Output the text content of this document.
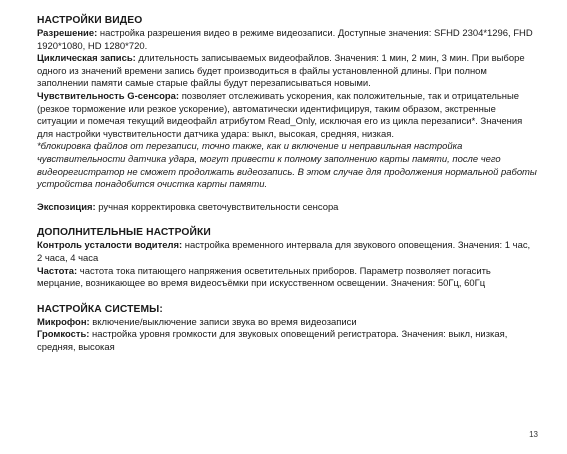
НАСТРОЙКИ ВИДЕО

Разрешение: настройка разрешения видео в режиме видеозаписи. Доступные значения: SFHD 2304*1296, FHD 1920*1080, HD 1280*720.

Циклическая запись: длительность записываемых видеофайлов. Значения: 1 мин, 2 мин, 3 мин. При выборе одного из значений времени запись будет производиться в файлы установленной длины. При полном заполнении памяти самые старые файлы будут перезаписываться новыми.

Чувствительность G-сенсора: позволяет отслеживать ускорения, как положительные, так и отрицательные (резкое торможение или резкое ускорение), автоматически идентифицируя, таким образом, экстренные ситуации и помечая текущий видеофайл атрибутом Read_Only, исключая его из цикла перезаписи*. Значения для настройки чувствительности датчика удара: выкл, высокая, средняя, низкая.

*блокировка файлов от перезаписи, точно также, как и включение и неправильная настройка чувствительности датчика удара, могут привести к полному заполнению карты памяти, после чего видеорегистратор не сможет продолжать видеозапись. В этом случае для продолжения нормальной работы устройства понадобится очистка карты памяти.

Экспозиция: ручная корректировка светочувствительности сенсора

ДОПОЛНИТЕЛЬНЫЕ НАСТРОЙКИ

Контроль усталости водителя: настройка временного интервала для звукового оповещения. Значения: 1 час, 2 часа, 4 часа

Частота: частота тока питающего напряжения осветительных приборов. Параметр позволяет погасить мерцание, возникающее во время видеосъёмки при искусственном освещении. Значения: 50Гц, 60Гц

НАСТРОЙКА СИСТЕМЫ:

Микрофон: включение/выключение записи звука во время видеозаписи

Громкость: настройка уровня громкости для звуковых оповещений регистратора. Значения: выкл, низкая, средняя, высокая

13
